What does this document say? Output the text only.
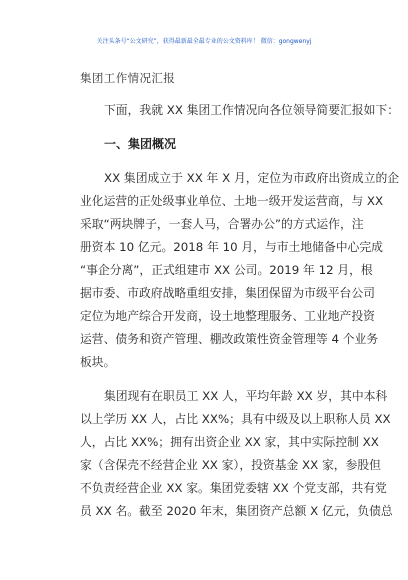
关注头条号“公文研究”，获得最新最全最专业的公文资料库！ 微信：gongwenyj
集团工作情况汇报
下面，我就 XX 集团工作情况向各位领导简要汇报如下：
一、集团概况
XX 集团成立于 XX 年 X 月，定位为市政府出资成立的企
业化运营的正处级事业单位、土地一级开发运营商，与 XX
采取“两块牌子，一套人马，合署办公”的方式运作，注
册资本 10 亿元。2018 年 10 月，与市土地储备中心完成
“事企分离”，正式组建市 XX 公司。2019 年 12 月，根
据市委、市政府战略重组安排，集团保留为市级平台公司
定位为地产综合开发商，设土地整理服务、工业地产投资
运营、债务和资产管理、棚改政策性资金管理等 4 个业务
板块。
集团现有在职员工 XX 人，平均年龄 XX 岁，其中本科
以上学历 XX 人，占比 XX%；具有中级及以上职称人员 XX
人，占比 XX%；拥有出资企业 XX 家，其中实际控制 XX
家（含保壳不经营企业 XX 家），投资基金 XX 家，参股但
不负责经营企业 XX 家。集团党委辖 XX 个党支部，共有党
员 XX 名。截至 2020 年末，集团资产总额 X 亿元，负债总
